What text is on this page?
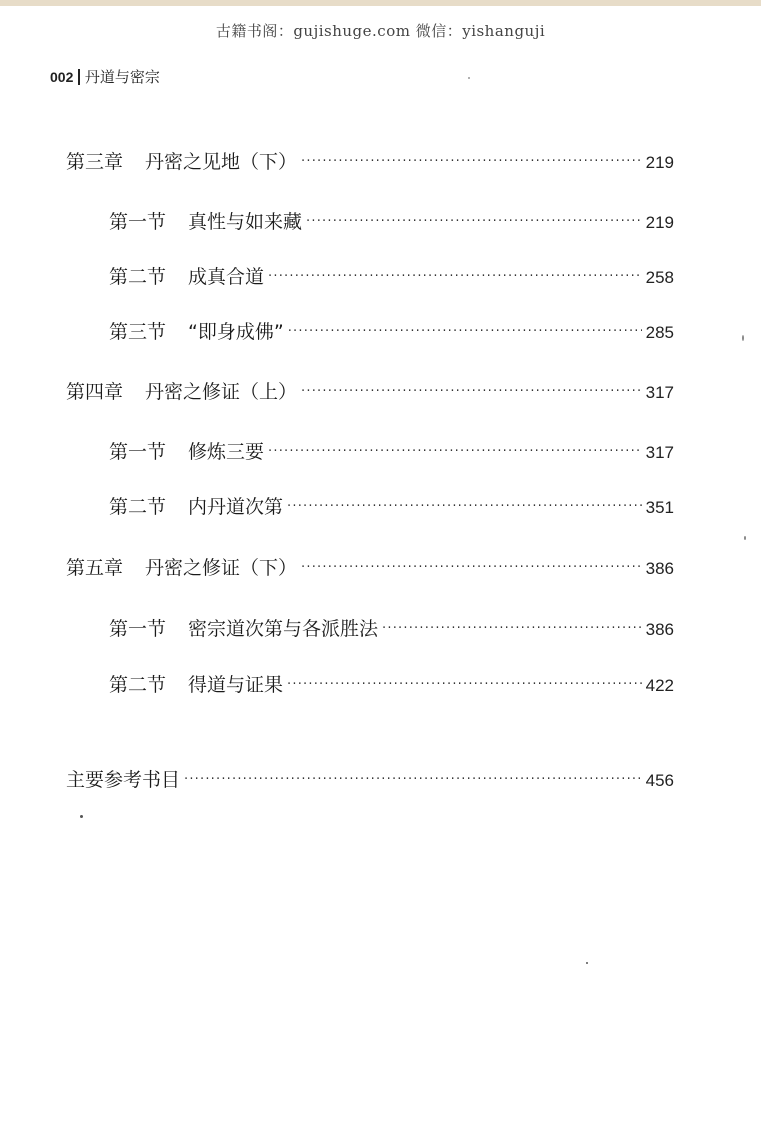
古籍书阁：gujishuge.com 微信：yishanguji
002 丹道与密宗
第三章 丹密之见地（下） ·····	219
第一节 真性与如来藏 ·····	219
第二节 成真合道 ·····	258
第三节 “即身成佛” ·····	285
第四章 丹密之修证（上） ·····	317
第一节 修炼三要 ·····	317
第二节 内丹道次第 ·····	351
第五章 丹密之修证（下） ·····	386
第一节 密宗道次第与各派胜法 ·····	386
第二节 得道与证果 ·····	422
主要参考书目 ·····	456
